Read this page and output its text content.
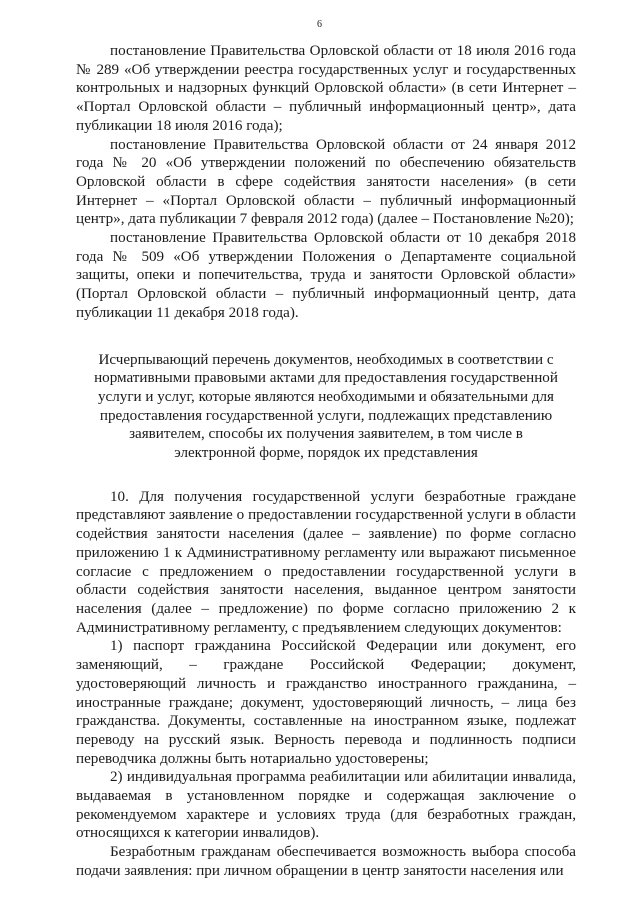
6

постановление Правительства Орловской области от 18 июля 2016 года № 289 «Об утверждении реестра государственных услуг и государственных контрольных и надзорных функций Орловской области» (в сети Интернет – «Портал Орловской области – публичный информационный центр», дата публикации 18 июля 2016 года);

постановление Правительства Орловской области от 24 января 2012 года № 20 «Об утверждении положений по обеспечению обязательств Орловской области в сфере содействия занятости населения» (в сети Интернет – «Портал Орловской области – публичный информационный центр», дата публикации 7 февраля 2012 года) (далее – Постановление №20);

постановление Правительства Орловской области от 10 декабря 2018 года № 509 «Об утверждении Положения о Департаменте социальной защиты, опеки и попечительства, труда и занятости Орловской области» (Портал Орловской области – публичный информационный центр, дата публикации 11 декабря 2018 года).

Исчерпывающий перечень документов, необходимых в соответствии с нормативными правовыми актами для предоставления государственной услуги и услуг, которые являются необходимыми и обязательными для предоставления государственной услуги, подлежащих представлению заявителем, способы их получения заявителем, в том числе в электронной форме, порядок их представления

10. Для получения государственной услуги безработные граждане представляют заявление о предоставлении государственной услуги в области содействия занятости населения (далее – заявление) по форме согласно приложению 1 к Административному регламенту или выражают письменное согласие с предложением о предоставлении государственной услуги в области содействия занятости населения, выданное центром занятости населения (далее – предложение) по форме согласно приложению 2 к Административному регламенту, с предъявлением следующих документов:

1) паспорт гражданина Российской Федерации или документ, его заменяющий, – граждане Российской Федерации; документ, удостоверяющий личность и гражданство иностранного гражданина, – иностранные граждане; документ, удостоверяющий личность, – лица без гражданства. Документы, составленные на иностранном языке, подлежат переводу на русский язык. Верность перевода и подлинность подписи переводчика должны быть нотариально удостоверены;

2) индивидуальная программа реабилитации или абилитации инвалида, выдаваемая в установленном порядке и содержащая заключение о рекомендуемом характере и условиях труда (для безработных граждан, относящихся к категории инвалидов).

Безработным гражданам обеспечивается возможность выбора способа подачи заявления: при личном обращении в центр занятости населения или
